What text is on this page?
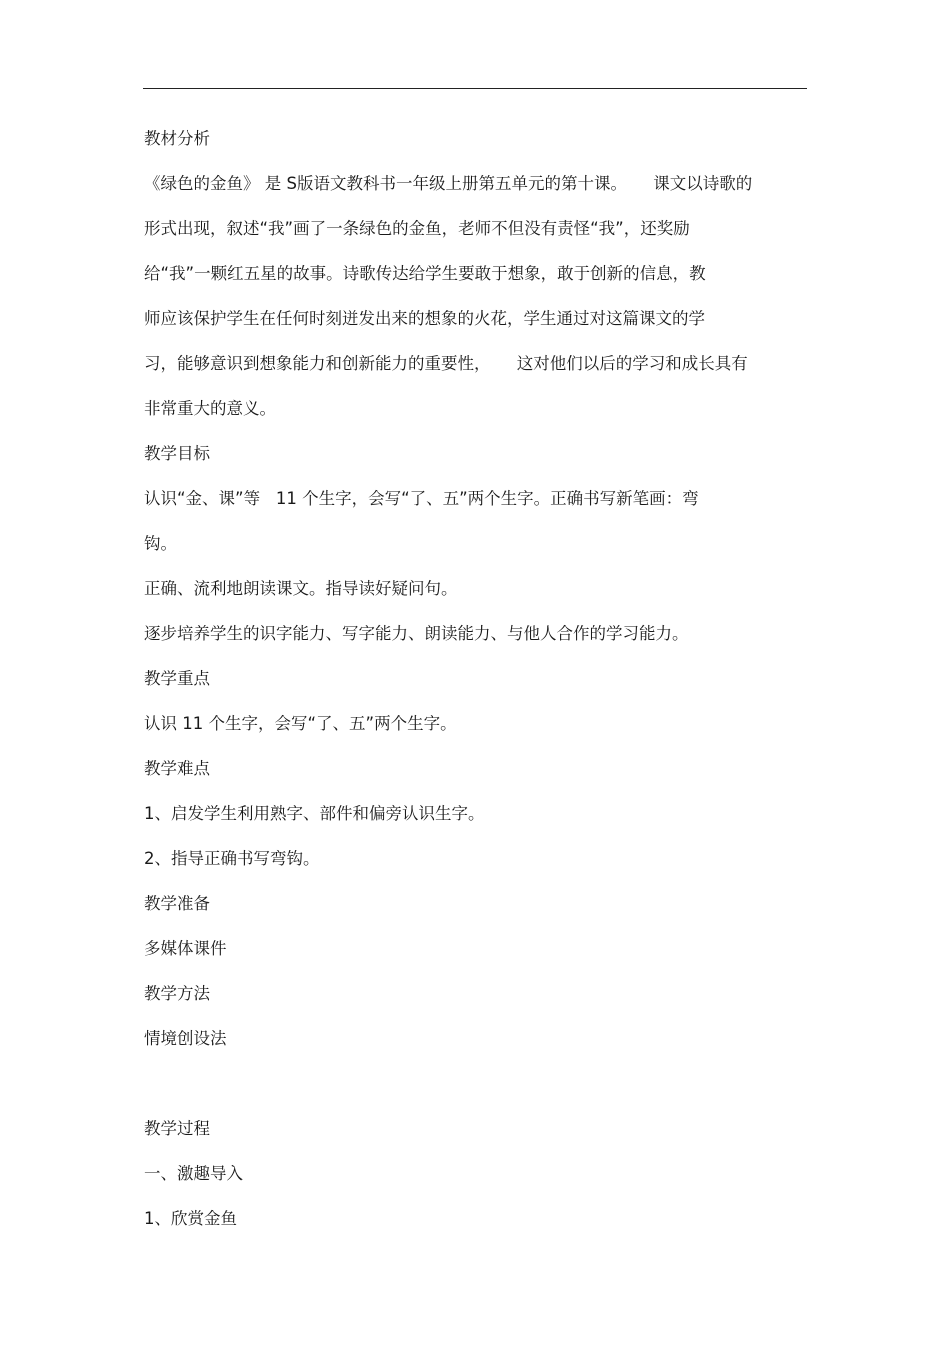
教材分析
《绿色的金鱼》 是 S版语文教科书一年级上册第五单元的第十课。     课文以诗歌的
形式出现，叙述“我”画了一条绿色的金鱼，老师不但没有责怪“我”，还奖励
给“我”一颗红五星的故事。诗歌传达给学生要敢于想象，敢于创新的信息，教
师应该保护学生在任何时刻迸发出来的想象的火花，学生通过对这篇课文的学
习，能够意识到想象能力和创新能力的重要性，     这对他们以后的学习和成长具有
非常重大的意义。
教学目标
认识“金、课”等   11 个生字，会写“了、五”两个生字。正确书写新笔画：弯
钩。
正确、流利地朗读课文。指导读好疑问句。
逐步培养学生的识字能力、写字能力、朗读能力、与他人合作的学习能力。
教学重点
认识 11 个生字，会写“了、五”两个生字。
教学难点
1、启发学生利用熟字、部件和偏旁认识生字。
2、指导正确书写弯钩。
教学准备
多媒体课件
教学方法
情境创设法
教学过程
一、激趣导入
1、欣赏金鱼
